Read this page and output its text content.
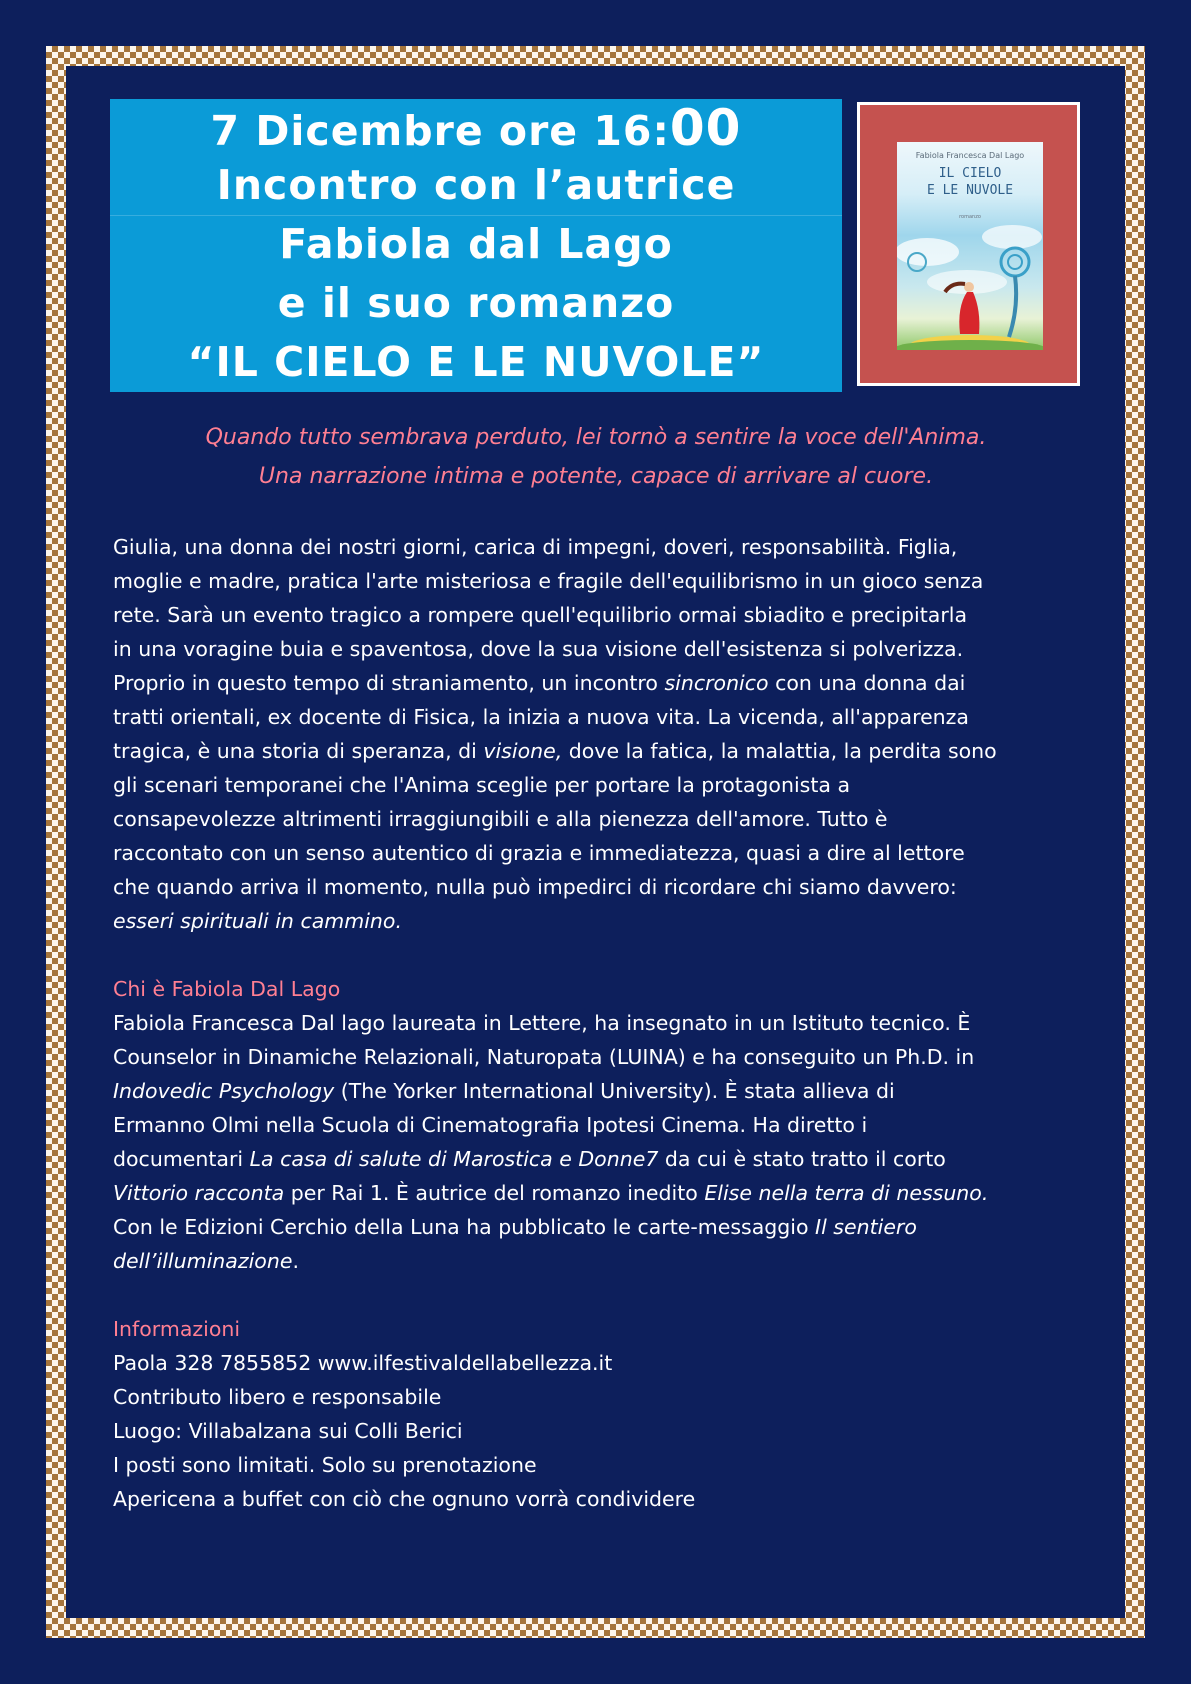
7 Dicembre ore 16:00
Incontro con l’autrice
Fabiola dal Lago
e il suo romanzo
“IL CIELO E LE NUVOLE”
Fabiola Francesca Dal Lago
IL CIELO
E LE NUVOLE
romanzo
Quando tutto sembrava perduto, lei tornò a sentire la voce dell'Anima.
Una narrazione intima e potente, capace di arrivare al cuore.
Giulia, una donna dei nostri giorni, carica di impegni, doveri, responsabilità. Figlia,
moglie e madre, pratica l'arte misteriosa e fragile dell'equilibrismo in un gioco senza
rete. Sarà un evento tragico a rompere quell'equilibrio ormai sbiadito e precipitarla
in una voragine buia e spaventosa, dove la sua visione dell'esistenza si polverizza.
Proprio in questo tempo di straniamento, un incontro sincronico con una donna dai
tratti orientali, ex docente di Fisica, la inizia a nuova vita. La vicenda, all'apparenza
tragica, è una storia di speranza, di visione, dove la fatica, la malattia, la perdita sono
gli scenari temporanei che l'Anima sceglie per portare la protagonista a
consapevolezze altrimenti irraggiungibili e alla pienezza dell'amore. Tutto è
raccontato con un senso autentico di grazia e immediatezza, quasi a dire al lettore
che quando arriva il momento, nulla può impedirci di ricordare chi siamo davvero:
esseri spirituali in cammino.
Chi è Fabiola Dal Lago
Fabiola Francesca Dal lago laureata in Lettere, ha insegnato in un Istituto tecnico. È
Counselor in Dinamiche Relazionali, Naturopata (LUINA) e ha conseguito un Ph.D. in
Indovedic Psychology (The Yorker International University). È stata allieva di
Ermanno Olmi nella Scuola di Cinematografia Ipotesi Cinema. Ha diretto i
documentari La casa di salute di Marostica e Donne7 da cui è stato tratto il corto
Vittorio racconta per Rai 1. È autrice del romanzo inedito Elise nella terra di nessuno.
Con le Edizioni Cerchio della Luna ha pubblicato le carte-messaggio Il sentiero
dell’illuminazione.
Informazioni
Paola 328 7855852 www.ilfestivaldellabellezza.it
Contributo libero e responsabile
Luogo: Villabalzana sui Colli Berici
I posti sono limitati. Solo su prenotazione
Apericena a buffet con ciò che ognuno vorrà condividere
